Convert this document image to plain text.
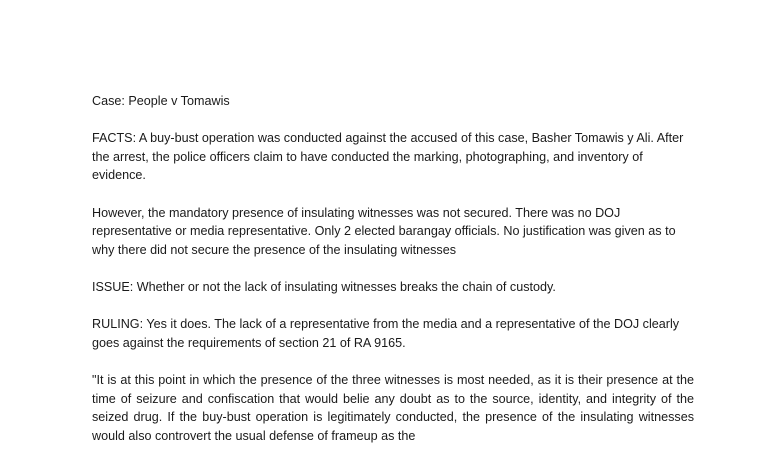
Case: People v Tomawis

FACTS: A buy-bust operation was conducted against the accused of this case, Basher Tomawis y Ali. After the arrest, the police officers claim to have conducted the marking, photographing, and inventory of evidence.

However, the mandatory presence of insulating witnesses was not secured. There was no DOJ representative or media representative. Only 2 elected barangay officials. No justification was given as to why there did not secure the presence of the insulating witnesses

ISSUE: Whether or not the lack of insulating witnesses breaks the chain of custody.

RULING: Yes it does. The lack of a representative from the media and a representative of the DOJ clearly goes against the requirements of section 21 of RA 9165.

"It is at this point in which the presence of the three witnesses is most needed, as it is their presence at the time of seizure and confiscation that would belie any doubt as to the source, identity, and integrity of the seized drug. If the buy-bust operation is legitimately conducted, the presence of the insulating witnesses would also controvert the usual defense of frameup as the
